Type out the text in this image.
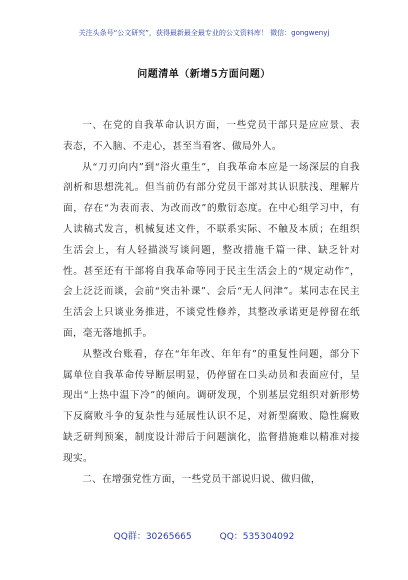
关注头条号“公文研究”，获得最新最全最专业的公文资料库！ 微信：gongwenyj
问题清单（新增5方面问题）

一、在党的自我革命认识方面，一些党员干部只是应应景、表表态，不入脑、不走心，甚至当看客、做局外人。

从“刀刃向内”到“浴火重生”，自我革命本应是一场深层的自我剖析和思想洗礼。但当前仍有部分党员干部对其认识肤浅、理解片面，存在“为表而表、为改而改”的敷衍态度。在中心组学习中，有人读稿式发言，机械复述文件，不联系实际、不触及本质；在组织生活会上，有人轻描淡写谈问题，整改措施千篇一律、缺乏针对性。甚至还有干部将自我革命等同于民主生活会上的“规定动作”，会上泛泛而谈，会前“突击补课”、会后“无人问津”。某同志在民主生活会上只谈业务推进，不谈党性修养，其整改承诺更是停留在纸面，毫无落地抓手。

从整改台账看，存在“年年改、年年有”的重复性问题，部分下属单位自我革命传导断层明显，仍停留在口头动员和表面应付，呈现出“上热中温下冷”的倾向。调研发现，个别基层党组织对新形势下反腐败斗争的复杂性与延展性认识不足，对新型腐败、隐性腐败缺乏研判预案，制度设计滞后于问题演化，监督措施难以精准对接现实。

二、在增强党性方面，一些党员干部说归说、做归做，

QQ群：30265665	QQ：535304092
